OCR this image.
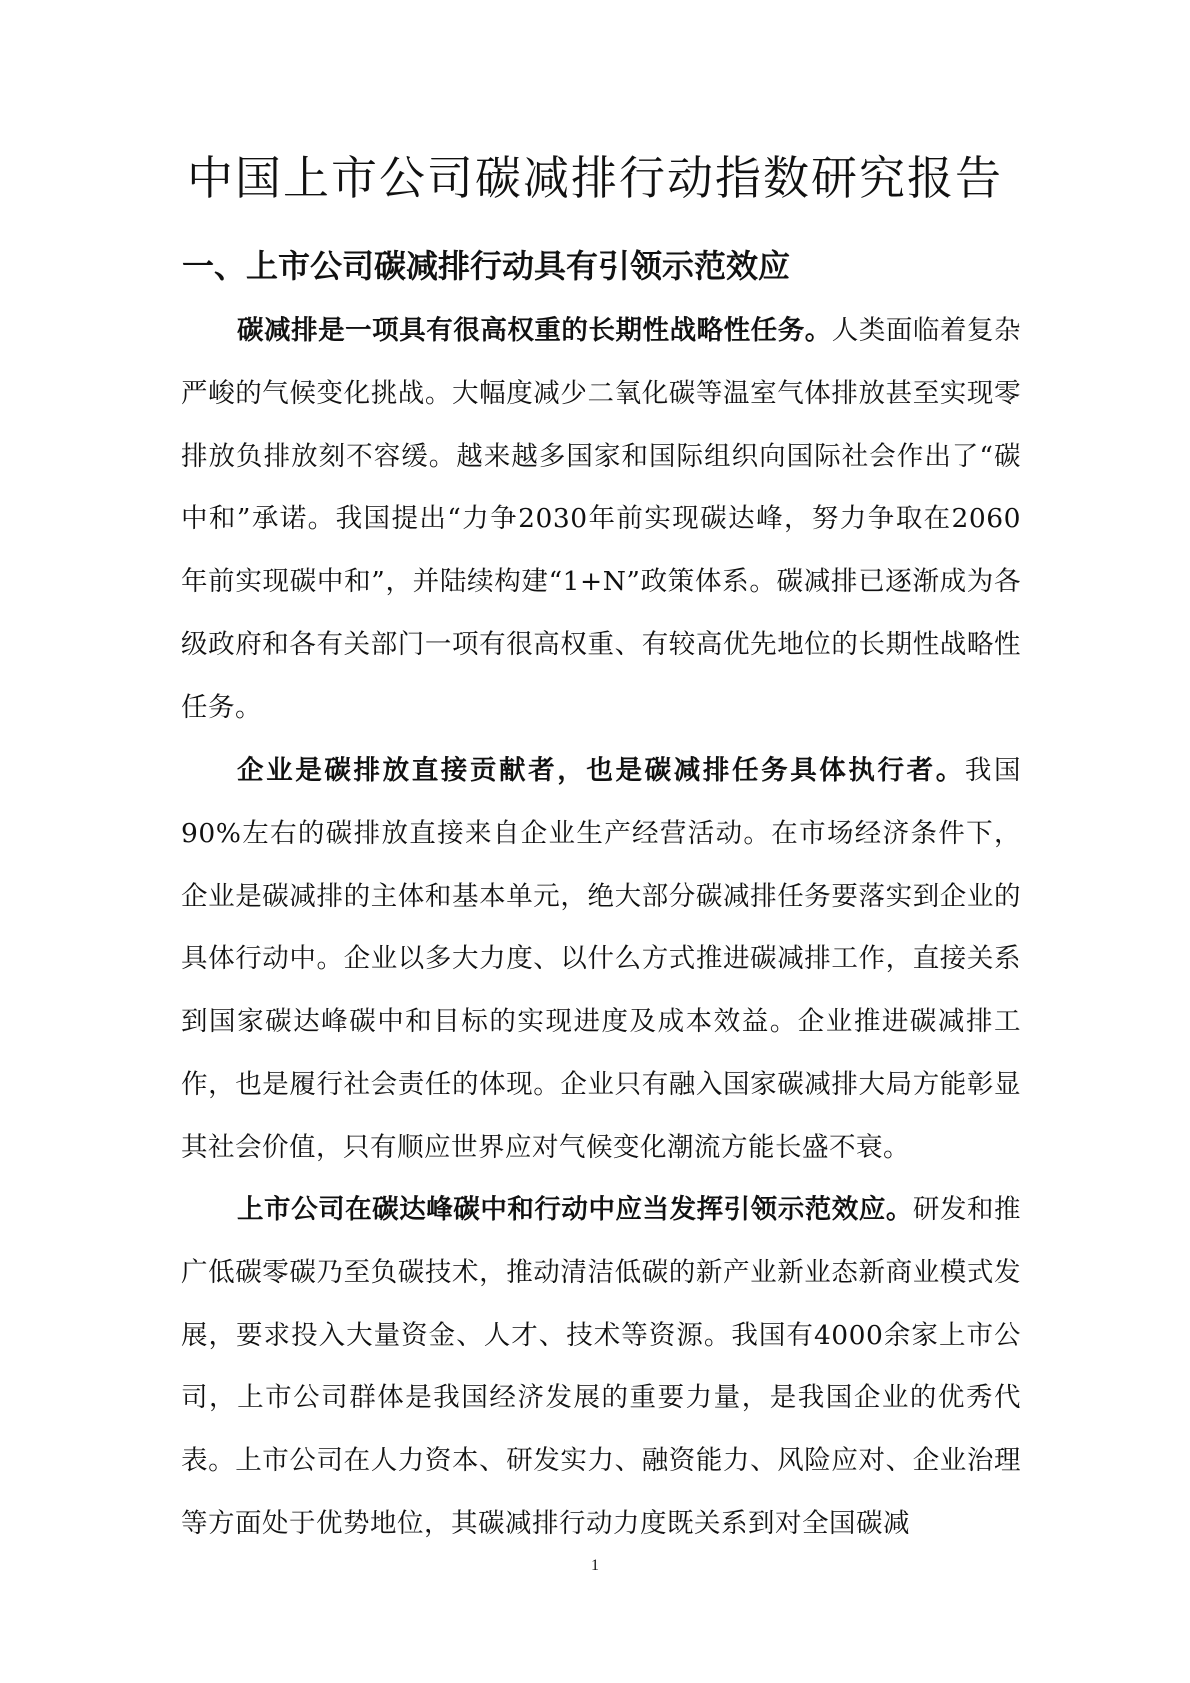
中国上市公司碳减排行动指数研究报告
一、上市公司碳减排行动具有引领示范效应

碳减排是一项具有很高权重的长期性战略性任务。人类面临着复杂严峻的气候变化挑战。大幅度减少二氧化碳等温室气体排放甚至实现零排放负排放刻不容缓。越来越多国家和国际组织向国际社会作出了“碳中和”承诺。我国提出“力争2030年前实现碳达峰，努力争取在2060年前实现碳中和”，并陆续构建“1+N”政策体系。碳减排已逐渐成为各级政府和各有关部门一项有很高权重、有较高优先地位的长期性战略性任务。

企业是碳排放直接贡献者，也是碳减排任务具体执行者。我国90%左右的碳排放直接来自企业生产经营活动。在市场经济条件下，企业是碳减排的主体和基本单元，绝大部分碳减排任务要落实到企业的具体行动中。企业以多大力度、以什么方式推进碳减排工作，直接关系到国家碳达峰碳中和目标的实现进度及成本效益。企业推进碳减排工作，也是履行社会责任的体现。企业只有融入国家碳减排大局方能彰显其社会价值，只有顺应世界应对气候变化潮流方能长盛不衰。

上市公司在碳达峰碳中和行动中应当发挥引领示范效应。研发和推广低碳零碳乃至负碳技术，推动清洁低碳的新产业新业态新商业模式发展，要求投入大量资金、人才、技术等资源。我国有4000余家上市公司，上市公司群体是我国经济发展的重要力量，是我国企业的优秀代表。上市公司在人力资本、研发实力、融资能力、风险应对、企业治理等方面处于优势地位，其碳减排行动力度既关系到对全国碳减

1
